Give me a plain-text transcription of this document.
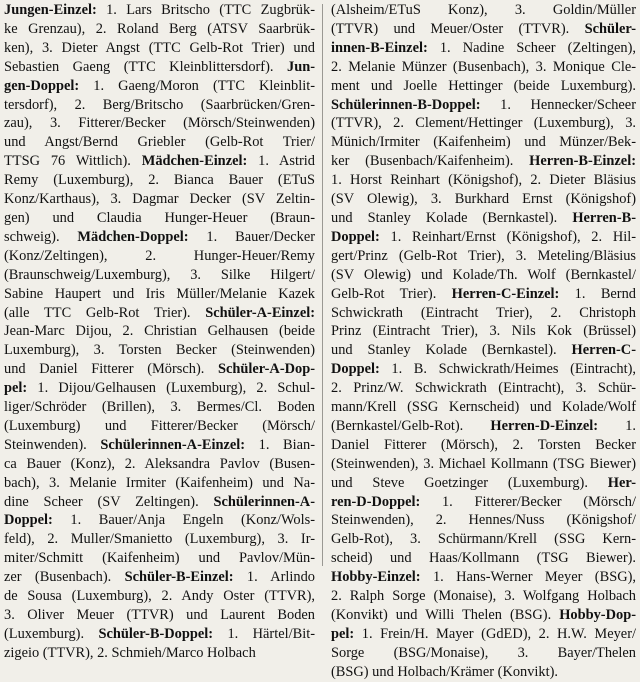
Jungen-Einzel: 1. Lars Britscho (TTC Zugbrük-
ke Grenzau), 2. Roland Berg (ATSV Saarbrük-
ken), 3. Dieter Angst (TTC Gelb-Rot Trier) und
Sebastien Gaeng (TTC Kleinblittersdorf). Jun-
gen-Doppel: 1. Gaeng/Moron (TTC Kleinblit-
tersdorf), 2. Berg/Britscho (Saarbrücken/Gren-
zau), 3. Fitterer/Becker (Mörsch/Steinwenden)
und Angst/Bernd Griebler (Gelb-Rot Trier/
TTSG 76 Wittlich). Mädchen-Einzel: 1. Astrid
Remy (Luxemburg), 2. Bianca Bauer (ETuS
Konz/Karthaus), 3. Dagmar Decker (SV Zeltin-
gen) und Claudia Hunger-Heuer (Braun-
schweig). Mädchen-Doppel: 1. Bauer/Decker
(Konz/Zeltingen), 2. Hunger-Heuer/Remy
(Braunschweig/Luxemburg), 3. Silke Hilgert/
Sabine Haupert und Iris Müller/Melanie Kazek
(alle TTC Gelb-Rot Trier). Schüler-A-Einzel:
Jean-Marc Dijou, 2. Christian Gelhausen (beide
Luxemburg), 3. Torsten Becker (Steinwenden)
und Daniel Fitterer (Mörsch). Schüler-A-Dop-
pel: 1. Dijou/Gelhausen (Luxemburg), 2. Schul-
liger/Schröder (Brillen), 3. Bermes/Cl. Boden
(Luxemburg) und Fitterer/Becker (Mörsch/
Steinwenden). Schülerinnen-A-Einzel: 1. Bian-
ca Bauer (Konz), 2. Aleksandra Pavlov (Busen-
bach), 3. Melanie Irmiter (Kaifenheim) und Na-
dine Scheer (SV Zeltingen). Schülerinnen-A-
Doppel: 1. Bauer/Anja Engeln (Konz/Wols-
feld), 2. Muller/Smanietto (Luxemburg), 3. Ir-
miter/Schmitt (Kaifenheim) und Pavlov/Mün-
zer (Busenbach). Schüler-B-Einzel: 1. Arlindo
de Sousa (Luxemburg), 2. Andy Oster (TTVR),
3. Oliver Meuer (TTVR) und Laurent Boden
(Luxemburg). Schüler-B-Doppel: 1. Härtel/Bit-
zigeio (TTVR), 2. Schmieh/Marco Holbach
(Alsheim/ETuS Konz), 3. Goldin/Müller
(TTVR) und Meuer/Oster (TTVR). Schüler-
innen-B-Einzel: 1. Nadine Scheer (Zeltingen),
2. Melanie Münzer (Busenbach), 3. Monique Cle-
ment und Joelle Hettinger (beide Luxemburg).
Schülerinnen-B-Doppel: 1. Hennecker/Scheer
(TTVR), 2. Clement/Hettinger (Luxemburg), 3.
Münich/Irmiter (Kaifenheim) und Münzer/Bek-
ker (Busenbach/Kaifenheim). Herren-B-Einzel:
1. Horst Reinhart (Königshof), 2. Dieter Bläsius
(SV Olewig), 3. Burkhard Ernst (Königshof)
und Stanley Kolade (Bernkastel). Herren-B-
Doppel: 1. Reinhart/Ernst (Königshof), 2. Hil-
gert/Prinz (Gelb-Rot Trier), 3. Meteling/Bläsius
(SV Olewig) und Kolade/Th. Wolf (Bernkastel/
Gelb-Rot Trier). Herren-C-Einzel: 1. Bernd
Schwickrath (Eintracht Trier), 2. Christoph
Prinz (Eintracht Trier), 3. Nils Kok (Brüssel)
und Stanley Kolade (Bernkastel). Herren-C-
Doppel: 1. B. Schwickrath/Heimes (Eintracht),
2. Prinz/W. Schwickrath (Eintracht), 3. Schür-
mann/Krell (SSG Kernscheid) und Kolade/Wolf
(Bernkastel/Gelb-Rot). Herren-D-Einzel: 1.
Daniel Fitterer (Mörsch), 2. Torsten Becker
(Steinwenden), 3. Michael Kollmann (TSG Biewer)
und Steve Goetzinger (Luxemburg). Her-
ren-D-Doppel: 1. Fitterer/Becker (Mörsch/
Steinwenden), 2. Hennes/Nuss (Königshof/
Gelb-Rot), 3. Schürmann/Krell (SSG Kern-
scheid) und Haas/Kollmann (TSG Biewer).
Hobby-Einzel: 1. Hans-Werner Meyer (BSG),
2. Ralph Sorge (Monaise), 3. Wolfgang Holbach
(Konvikt) und Willi Thelen (BSG). Hobby-Dop-
pel: 1. Frein/H. Mayer (GdED), 2. H.W. Meyer/
Sorge (BSG/Monaise), 3. Bayer/Thelen
(BSG) und Holbach/Krämer (Konvikt).
